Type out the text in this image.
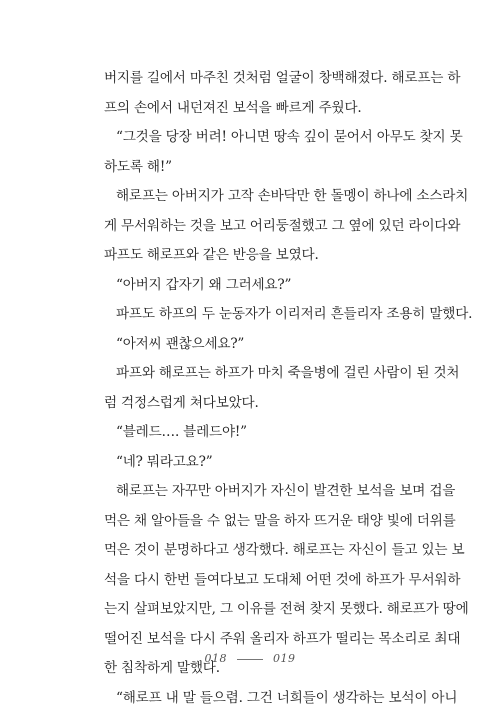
버지를 길에서 마주친 것처럼 얼굴이 창백해졌다. 해로프는 하
프의 손에서 내던져진 보석을 빠르게 주웠다.
“그것을 당장 버려! 아니면 땅속 깊이 묻어서 아무도 찾지 못
하도록 해!”
해로프는 아버지가 고작 손바닥만 한 돌멩이 하나에 소스라치
게 무서워하는 것을 보고 어리둥절했고 그 옆에 있던 라이다와
파프도 해로프와 같은 반응을 보였다.
“아버지 갑자기 왜 그러세요?”
파프도 하프의 두 눈동자가 이리저리 흔들리자 조용히 말했다.
“아저씨 괜찮으세요?”
파프와 해로프는 하프가 마치 죽을병에 걸린 사람이 된 것처
럼 걱정스럽게 쳐다보았다.
“블레드…. 블레드야!”
“네? 뭐라고요?”
해로프는 자꾸만 아버지가 자신이 발견한 보석을 보며 겁을
먹은 채 알아들을 수 없는 말을 하자 뜨거운 태양 빛에 더위를
먹은 것이 분명하다고 생각했다. 해로프는 자신이 들고 있는 보
석을 다시 한번 들여다보고 도대체 어떤 것에 하프가 무서워하
는지 살펴보았지만, 그 이유를 전혀 찾지 못했다. 해로프가 땅에
떨어진 보석을 다시 주워 올리자 하프가 떨리는 목소리로 최대
한 침착하게 말했다.
“해로프 내 말 들으렴. 그건 너희들이 생각하는 보석이 아니
018	019
